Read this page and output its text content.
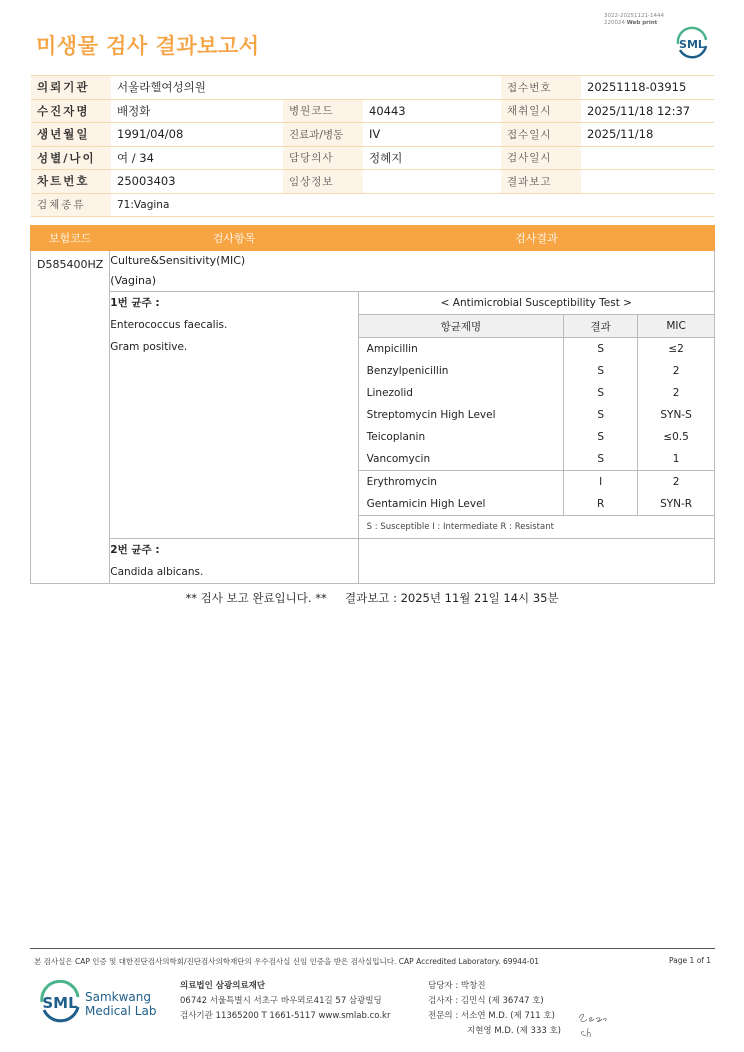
미생물 검사 결과보고서
3022-20251121-1444
220024 Web print
SML
의뢰기관	서울라헬여성의원			접수번호	20251118-03915
수진자명	배정화	병원코드	40443	채취일시	2025/11/18 12:37
생년월일	1991/04/08	진료과/병동	IV	접수일시	2025/11/18
성별/나이	여 / 34	담당의사	정혜지	검사일시	
차트번호	25003403	임상정보		결과보고	
검체종류	71:Vagina				
보험코드	검사항목	검사결과
D585400HZ	Culture&Sensitivity(MIC)
(Vagina)

1번 균주 :
Enterococcus faecalis.
Gram positive.

< Antimicrobial Susceptibility Test >
항균제명	결과	MIC
Ampicillin	S	≤2
Benzylpenicillin	S	2
Linezolid	S	2
Streptomycin High Level	S	SYN-S
Teicoplanin	S	≤0.5
Vancomycin	S	1
Erythromycin	I	2
Gentamicin High Level	R	SYN-R
S : Susceptible I : Intermediate R : Resistant

2번 균주 :
Candida albicans.

** 검사 보고 완료입니다. **     결과보고 : 2025년 11월 21일 14시 35분
본 검사실은 CAP 인증 및 대한진단검사의학회/진단검사의학재단의 우수검사실 신임 인증을 받은 검사실입니다. CAP Accredited Laboratory. 69944-01	Page 1 of 1
SML Samkwang
Medical Lab
의료법인 삼광의료재단
06742 서울특별시 서초구 바우뫼로41길 57 삼광빌딩
검사기관 11365200 T 1661-5117 www.smlab.co.kr
담당자 : 박창진
검사자 : 김민식 (제 36747 호)
전문의 : 서소연 M.D. (제 711 호)
지현영 M.D. (제 333 호)
